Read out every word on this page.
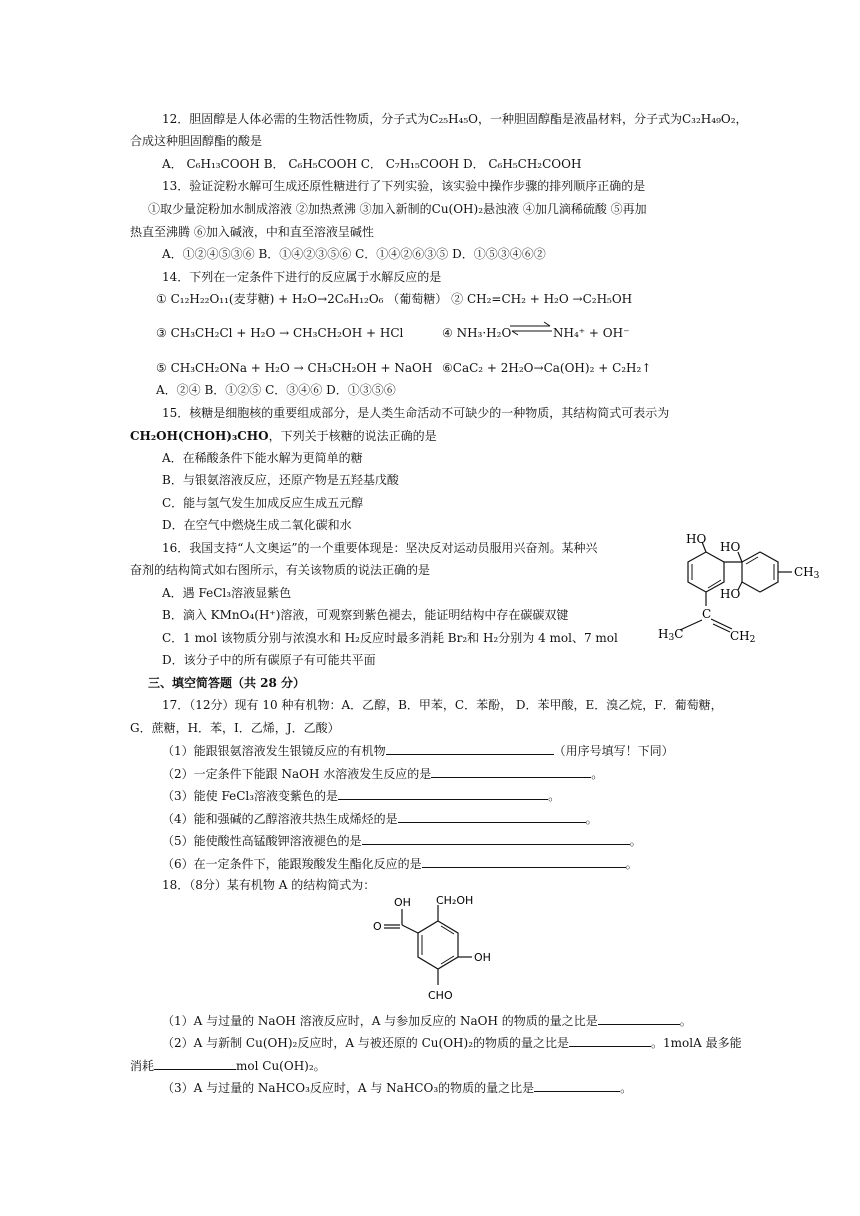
12．胆固醇是人体必需的生物活性物质，分子式为C₂₅H₄₅O，一种胆固醇酯是液晶材料，分子式为C₃₂H₄₉O₂，
合成这种胆固醇酯的酸是
A． C₆H₁₃COOH B． C₆H₅COOH C． C₇H₁₅COOH D． C₆H₅CH₂COOH
13．验证淀粉水解可生成还原性糖进行了下列实验，该实验中操作步骤的排列顺序正确的是
①取少量淀粉加水制成溶液 ②加热煮沸 ③加入新制的Cu(OH)₂悬浊液 ④加几滴稀硫酸 ⑤再加
热直至沸腾 ⑥加入碱液，中和直至溶液呈碱性
A．①②④⑤③⑥ B．①④②③⑤⑥ C．①④②⑥③⑤ D．①⑤③④⑥②
14．下列在一定条件下进行的反应属于水解反应的是
① C₁₂H₂₂O₁₁(麦芽糖) + H₂O→2C₆H₁₂O₆ （葡萄糖） ② CH₂=CH₂ + H₂O →C₂H₅OH
③ CH₃CH₂Cl + H₂O → CH₃CH₂OH + HCl	④ NH₃·H₂O ⇌ NH₄⁺ + OH⁻
⑤ CH₃CH₂ONa + H₂O → CH₃CH₂OH + NaOH ⑥CaC₂ + 2H₂O→Ca(OH)₂ + C₂H₂↑
A．②④ B．①②⑤ C．③④⑥ D．①③⑤⑥
15．核糖是细胞核的重要组成部分，是人类生命活动不可缺少的一种物质，其结构简式可表示为
CH₂OH(CHOH)₃CHO，下列关于核糖的说法正确的是
A．在稀酸条件下能水解为更简单的糖
B．与银氨溶液反应，还原产物是五羟基戊酸
C．能与氢气发生加成反应生成五元醇
D．在空气中燃烧生成二氧化碳和水
16．我国支持“人文奥运”的一个重要体现是：坚决反对运动员服用兴奋剂。某种兴
奋剂的结构简式如右图所示，有关该物质的说法正确的是
A．遇 FeCl₃溶液显紫色
B．滴入 KMnO₄(H⁺)溶液，可观察到紫色褪去，能证明结构中存在碳碳双键
C．1 mol 该物质分别与浓溴水和 H₂反应时最多消耗 Br₂和 H₂分别为 4 mol、7 mol
D．该分子中的所有碳原子有可能共平面
HO
HO
HO
CH3
C
H3C	CH2
三、填空简答题（共 28 分）
17．（12分）现有 10 种有机物：A．乙醇，B．甲苯，C．苯酚， D．苯甲酸，E．溴乙烷，F．葡萄糖，
G．蔗糖，H．苯，I．乙烯，J．乙酸）
（1）能跟银氨溶液发生银镜反应的有机物	（用序号填写！下同）
（2）一定条件下能跟 NaOH 水溶液发生反应的是	。
（3）能使 FeCl₃溶液变紫色的是	。
（4）能和强碱的乙醇溶液共热生成烯烃的是	。
（5）能使酸性高锰酸钾溶液褪色的是	。
（6）在一定条件下，能跟羧酸发生酯化反应的是	。
18．（8分）某有机物 A 的结构简式为：
OH
O	C
CH₂OH
OH
CHO
（1）A 与过量的 NaOH 溶液反应时，A 与参加反应的 NaOH 的物质的量之比是	。
（2）A 与新制 Cu(OH)₂反应时，A 与被还原的 Cu(OH)₂的物质的量之比是	。1molA 最多能
消耗	mol Cu(OH)₂。
（3）A 与过量的 NaHCO₃反应时，A 与 NaHCO₃的物质的量之比是	。
